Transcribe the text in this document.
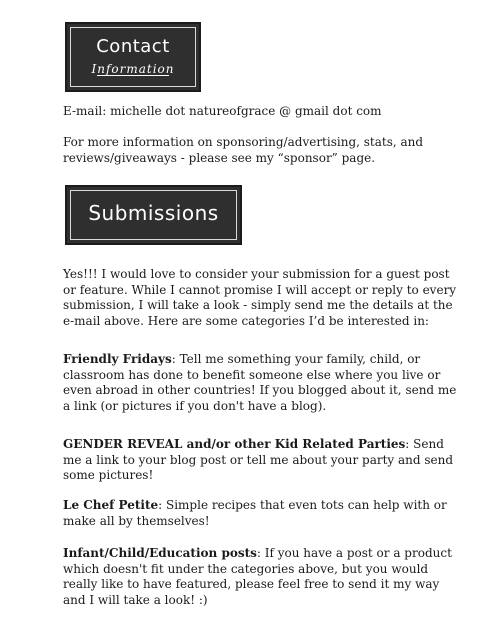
Contact
Information
E-mail: michelle dot natureofgrace @ gmail dot com
For more information on sponsoring/advertising, stats, and reviews/giveaways - please see my “sponsor” page.
Submissions
Yes!!! I would love to consider your submission for a guest post or feature. While I cannot promise I will accept or reply to every submission, I will take a look - simply send me the details at the e-mail above. Here are some categories I’d be interested in:
Friendly Fridays: Tell me something your family, child, or classroom has done to benefit someone else where you live or even abroad in other countries! If you blogged about it, send me a link (or pictures if you don't have a blog).
GENDER REVEAL and/or other Kid Related Parties: Send me a link to your blog post or tell me about your party and send some pictures!
Le Chef Petite: Simple recipes that even tots can help with or make all by themselves!
Infant/Child/Education posts: If you have a post or a product which doesn't fit under the categories above, but you would really like to have featured, please feel free to send it my way and I will take a look! :)
